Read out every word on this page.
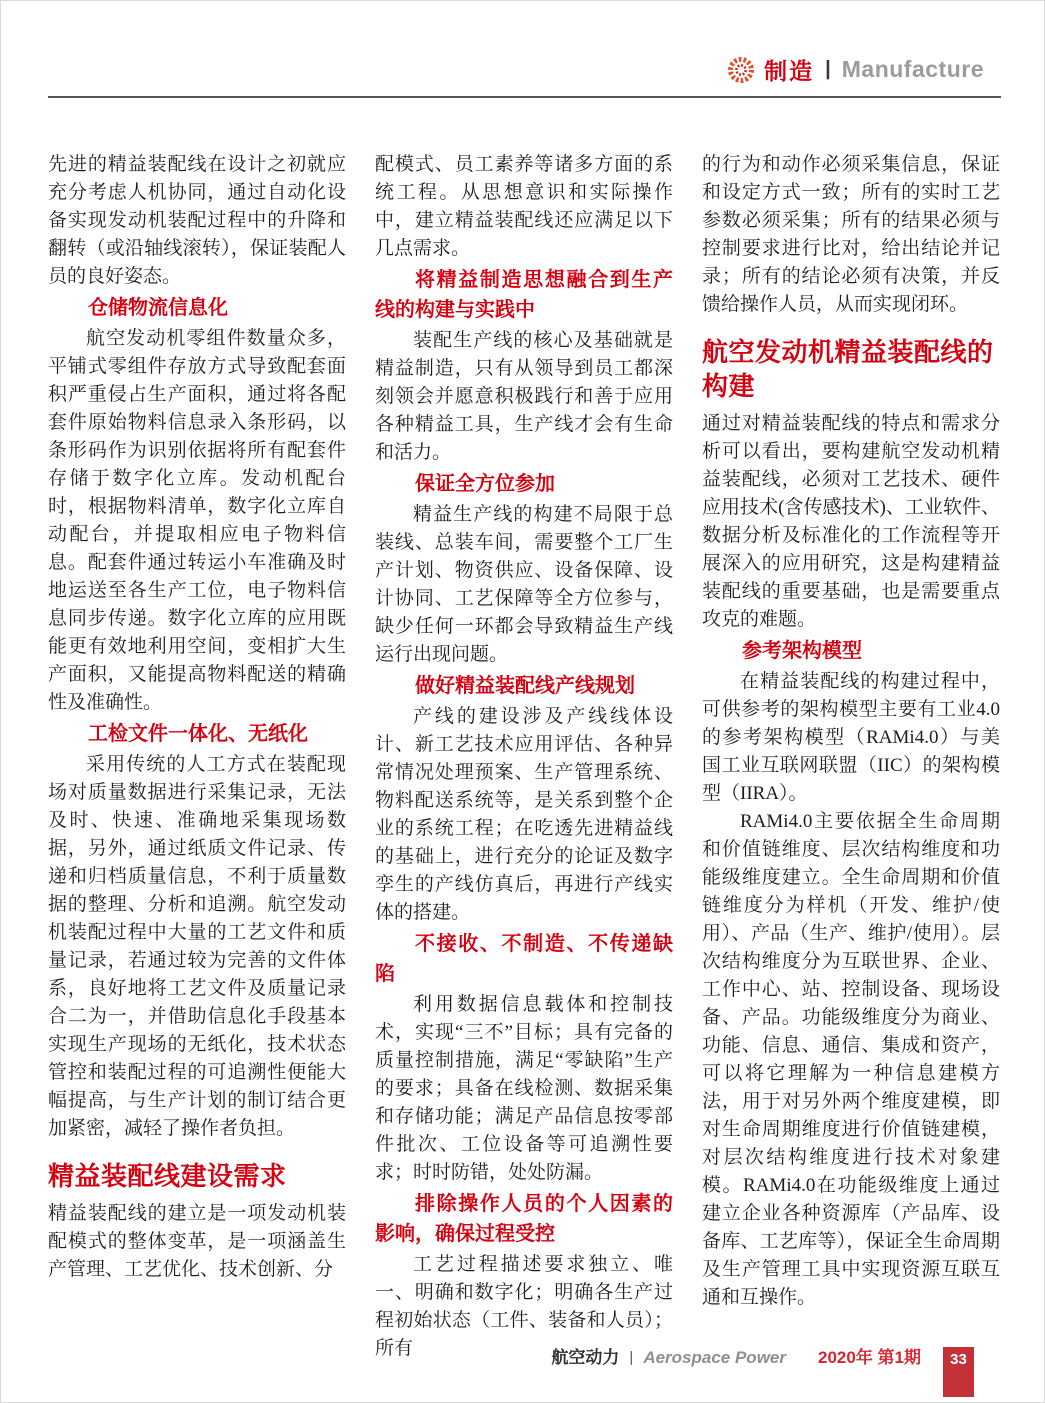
制造 | Manufacture

先进的精益装配线在设计之初就应充分考虑人机协同，通过自动化设备实现发动机装配过程中的升降和翻转（或沿轴线滚转），保证装配人员的良好姿态。

仓储物流信息化

航空发动机零组件数量众多，平铺式零组件存放方式导致配套面积严重侵占生产面积，通过将各配套件原始物料信息录入条形码，以条形码作为识别依据将所有配套件存储于数字化立库。发动机配台时，根据物料清单，数字化立库自动配台，并提取相应电子物料信息。配套件通过转运小车准确及时地运送至各生产工位，电子物料信息同步传递。数字化立库的应用既能更有效地利用空间，变相扩大生产面积，又能提高物料配送的精确性及准确性。

工检文件一体化、无纸化

采用传统的人工方式在装配现场对质量数据进行采集记录，无法及时、快速、准确地采集现场数据，另外，通过纸质文件记录、传递和归档质量信息，不利于质量数据的整理、分析和追溯。航空发动机装配过程中大量的工艺文件和质量记录，若通过较为完善的文件体系，良好地将工艺文件及质量记录合二为一，并借助信息化手段基本实现生产现场的无纸化，技术状态管控和装配过程的可追溯性便能大幅提高，与生产计划的制订结合更加紧密，减轻了操作者负担。

精益装配线建设需求

精益装配线的建立是一项发动机装配模式的整体变革，是一项涵盖生产管理、工艺优化、技术创新、分

配模式、员工素养等诸多方面的系统工程。从思想意识和实际操作中，建立精益装配线还应满足以下几点需求。

将精益制造思想融合到生产线的构建与实践中

装配生产线的核心及基础就是精益制造，只有从领导到员工都深刻领会并愿意积极践行和善于应用各种精益工具，生产线才会有生命和活力。

保证全方位参加

精益生产线的构建不局限于总装线、总装车间，需要整个工厂生产计划、物资供应、设备保障、设计协同、工艺保障等全方位参与，缺少任何一环都会导致精益生产线运行出现问题。

做好精益装配线产线规划

产线的建设涉及产线线体设计、新工艺技术应用评估、各种异常情况处理预案、生产管理系统、物料配送系统等，是关系到整个企业的系统工程；在吃透先进精益线的基础上，进行充分的论证及数字孪生的产线仿真后，再进行产线实体的搭建。

不接收、不制造、不传递缺陷

利用数据信息载体和控制技术，实现“三不”目标；具有完备的质量控制措施，满足“零缺陷”生产的要求；具备在线检测、数据采集和存储功能；满足产品信息按零部件批次、工位设备等可追溯性要求；时时防错，处处防漏。

排除操作人员的个人因素的影响，确保过程受控

工艺过程描述要求独立、唯一、明确和数字化；明确各生产过程初始状态（工件、装备和人员）；所有

的行为和动作必须采集信息，保证和设定方式一致；所有的实时工艺参数必须采集；所有的结果必须与控制要求进行比对，给出结论并记录；所有的结论必须有决策，并反馈给操作人员，从而实现闭环。

航空发动机精益装配线的构建

通过对精益装配线的特点和需求分析可以看出，要构建航空发动机精益装配线，必须对工艺技术、硬件应用技术(含传感技术)、工业软件、数据分析及标准化的工作流程等开展深入的应用研究，这是构建精益装配线的重要基础，也是需要重点攻克的难题。

参考架构模型

在精益装配线的构建过程中，可供参考的架构模型主要有工业4.0的参考架构模型（RAMi4.0）与美国工业互联网联盟（IIC）的架构模型（IIRA）。

RAMi4.0主要依据全生命周期和价值链维度、层次结构维度和功能级维度建立。全生命周期和价值链维度分为样机（开发、维护/使用）、产品（生产、维护/使用）。层次结构维度分为互联世界、企业、工作中心、站、控制设备、现场设备、产品。功能级维度分为商业、功能、信息、通信、集成和资产，可以将它理解为一种信息建模方法，用于对另外两个维度建模，即对生命周期维度进行价值链建模，对层次结构维度进行技术对象建模。RAMi4.0在功能级维度上通过建立企业各种资源库（产品库、设备库、工艺库等），保证全生命周期及生产管理工具中实现资源互联互通和互操作。

航空动力 | Aerospace Power 2020年 第1期 33
